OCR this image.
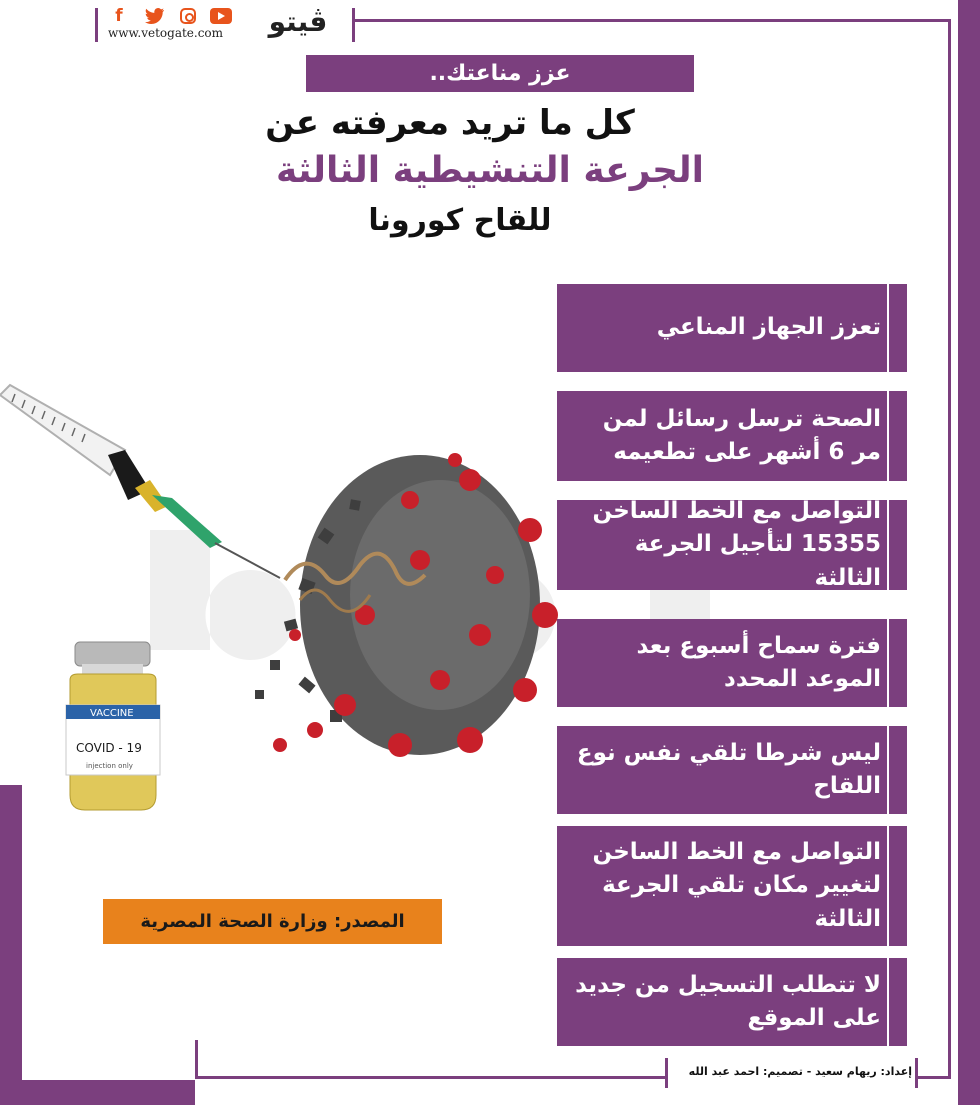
f
www.vetogate.com ڤيتو
عزز مناعتك..
كل ما تريد معرفته عن
الجرعة التنشيطية الثالثة
للقاح كورونا
VACCINE
COVID - 19
injection only
تعزز الجهاز المناعي
الصحة ترسل رسائل لمن مر 6 أشهر على تطعيمه
التواصل مع الخط الساخن 15355 لتأجيل الجرعة الثالثة
فترة سماح أسبوع بعد الموعد المحدد
ليس شرطا تلقي نفس نوع اللقاح
التواصل مع الخط الساخن لتغيير مكان تلقي الجرعة الثالثة
لا تتطلب التسجيل من جديد على الموقع
المصدر: وزارة الصحة المصرية
إعداد: ريهام سعيد - تصميم: احمد عبد الله
